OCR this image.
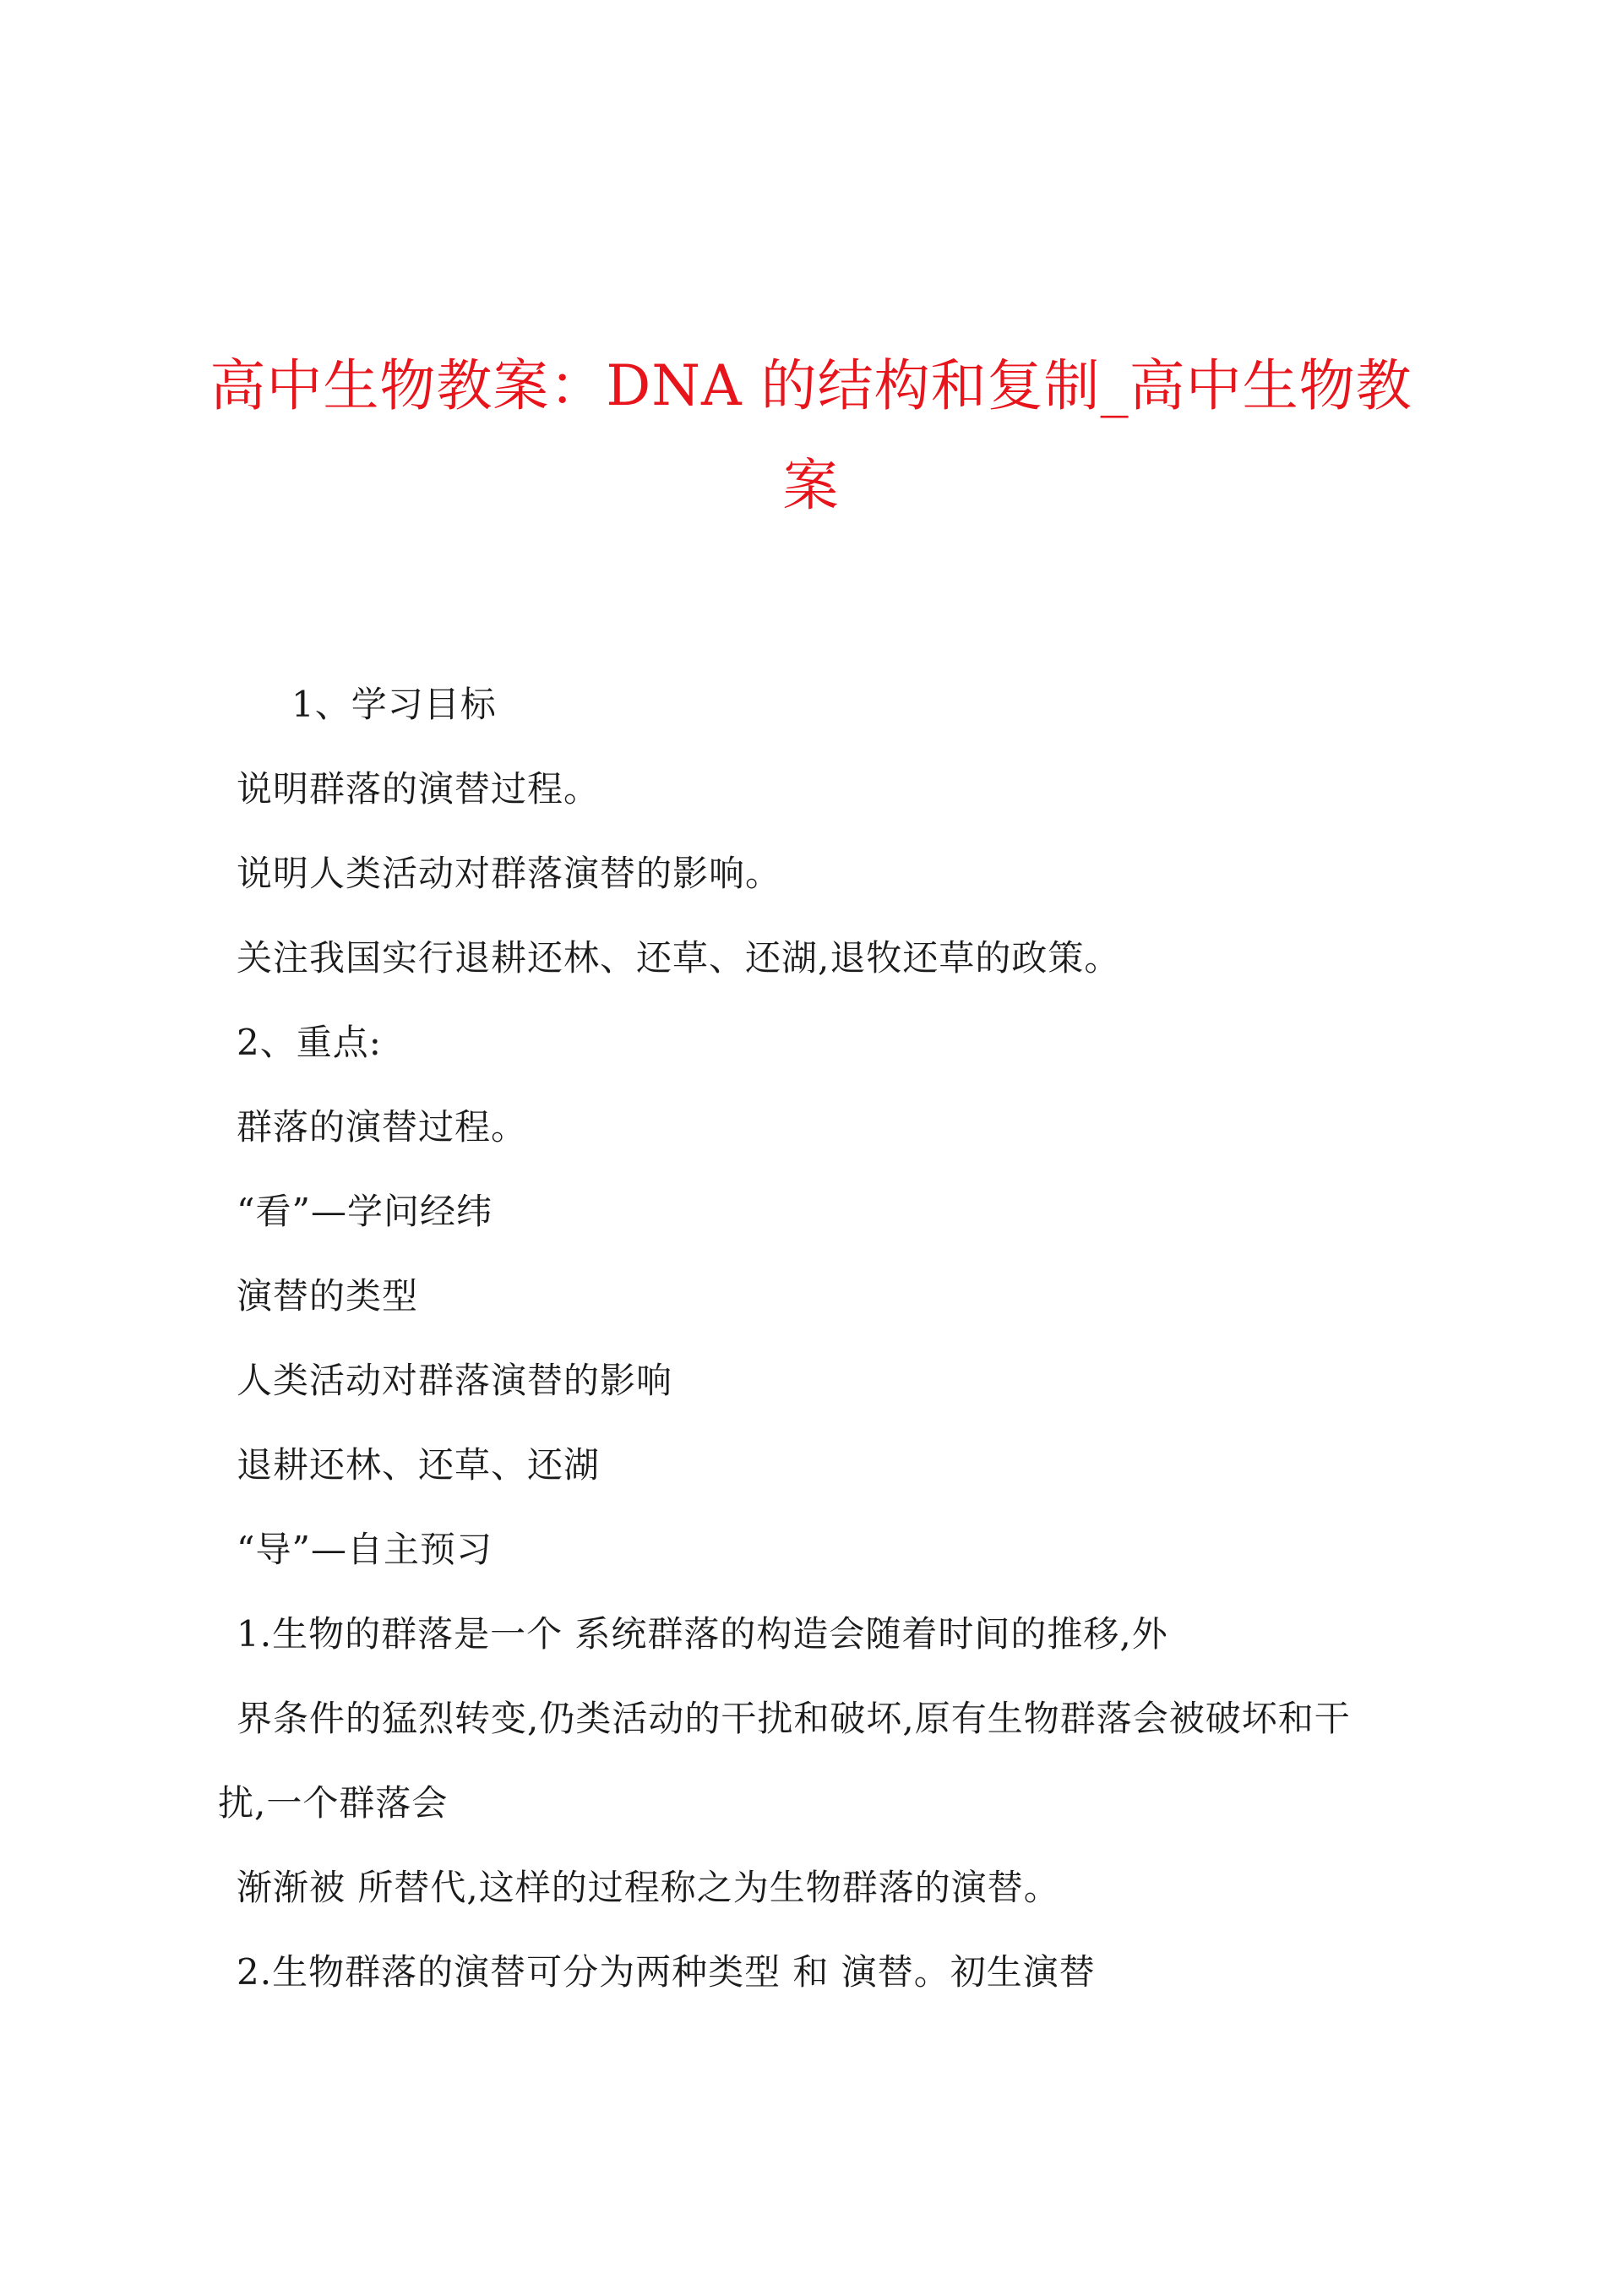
高中生物教案：DNA 的结构和复制_高中生物教
案
1、学习目标
说明群落的演替过程。
说明人类活动对群落演替的影响。
关注我国实行退耕还林、还草、还湖,退牧还草的政策。
2、重点:
群落的演替过程。
“看”—学问经纬
演替的类型
人类活动对群落演替的影响
退耕还林、还草、还湖
“导”—自主预习
1.生物的群落是一个 系统群落的构造会随着时间的推移,外
界条件的猛烈转变,仍类活动的干扰和破坏,原有生物群落会被破坏和干
扰,一个群落会
渐渐被 所替代,这样的过程称之为生物群落的演替。
2.生物群落的演替可分为两种类型 和 演替。初生演替
